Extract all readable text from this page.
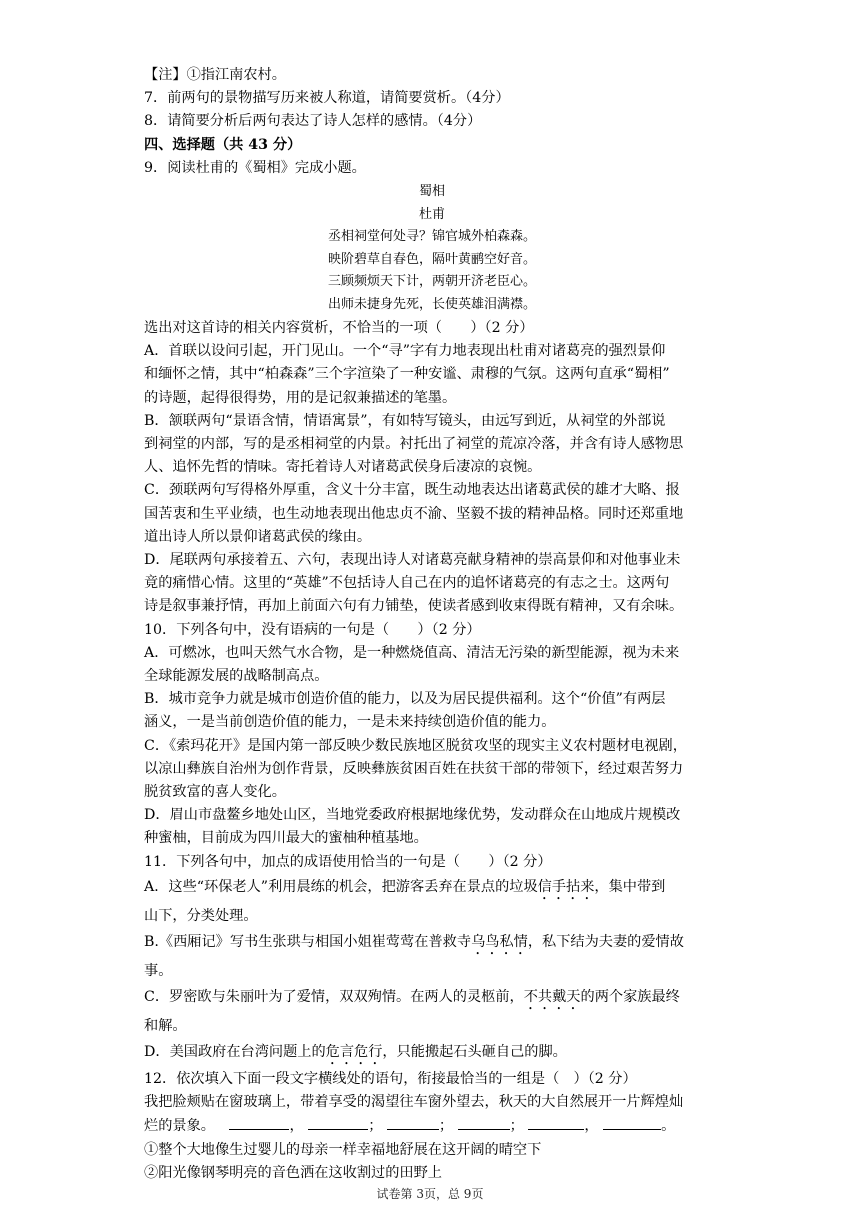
【注】①指江南农村。
7．前两句的景物描写历来被人称道，请简要赏析。（4分）
8．请简要分析后两句表达了诗人怎样的感情。（4分）
四、选择题（共 43 分）
9．阅读杜甫的《蜀相》完成小题。
蜀相
杜甫
丞相祠堂何处寻？锦官城外柏森森。
映阶碧草自春色，隔叶黄鹂空好音。
三顾频烦天下计，两朝开济老臣心。
出师未捷身先死，长使英雄泪满襟。
选出对这首诗的相关内容赏析，不恰当的一项（　　）（2 分）
A．首联以设问引起，开门见山。一个“寻”字有力地表现出杜甫对诸葛亮的强烈景仰
和缅怀之情，其中“柏森森”三个字渲染了一种安谧、肃穆的气氛。这两句直承“蜀相”
的诗题，起得很得势，用的是记叙兼描述的笔墨。
B．颔联两句“景语含情，情语寓景”，有如特写镜头，由远写到近，从祠堂的外部说
到祠堂的内部，写的是丞相祠堂的内景。衬托出了祠堂的荒凉冷落，并含有诗人感物思
人、追怀先哲的情味。寄托着诗人对诸葛武侯身后凄凉的哀惋。
C．颈联两句写得格外厚重，含义十分丰富，既生动地表达出诸葛武侯的雄才大略、报
国苦衷和生平业绩，也生动地表现出他忠贞不渝、坚毅不拔的精神品格。同时还郑重地
道出诗人所以景仰诸葛武侯的缘由。
D．尾联两句承接着五、六句，表现出诗人对诸葛亮献身精神的崇高景仰和对他事业未
竟的痛惜心情。这里的“英雄”不包括诗人自己在内的追怀诸葛亮的有志之士。这两句
诗是叙事兼抒情，再加上前面六句有力铺垫，使读者感到收束得既有精神，又有余味。
10．下列各句中，没有语病的一句是（　　）（2 分）
A．可燃冰，也叫天然气水合物，是一种燃烧值高、清洁无污染的新型能源，视为未来
全球能源发展的战略制高点。
B．城市竞争力就是城市创造价值的能力，以及为居民提供福利。这个“价值”有两层
涵义，一是当前创造价值的能力，一是未来持续创造价值的能力。
C．《索玛花开》是国内第一部反映少数民族地区脱贫攻坚的现实主义农村题材电视剧，
以凉山彝族自治州为创作背景，反映彝族贫困百姓在扶贫干部的带领下，经过艰苦努力
脱贫致富的喜人变化。
D．眉山市盘鳌乡地处山区，当地党委政府根据地缘优势，发动群众在山地成片规模改
种蜜柚，目前成为四川最大的蜜柚种植基地。
11．下列各句中，加点的成语使用恰当的一句是（　　）（2 分）
A．这些“环保老人”利用晨练的机会，把游客丢弃在景点的垃圾信手拈来，集中带到
山下，分类处理。
B.《西厢记》写书生张珙与相国小姐崔莺莺在普救寺乌鸟私情，私下结为夫妻的爱情故
事。
C．罗密欧与朱丽叶为了爱情，双双殉情。在两人的灵柩前，不共戴天的两个家族最终
和解。
D．美国政府在台湾问题上的危言危行，只能搬起石头砸自己的脚。
12．依次填入下面一段文字横线处的语句，衔接最恰当的一组是（　）（2 分）
我把脸颊贴在窗玻璃上，带着享受的渴望往车窗外望去，秋天的大自然展开一片辉煌灿
烂的景象。	，	；	；	；	，	。
①整个大地像生过婴儿的母亲一样幸福地舒展在这开阔的晴空下
②阳光像钢琴明亮的音色洒在这收割过的田野上
试卷第 3页，总 9页
